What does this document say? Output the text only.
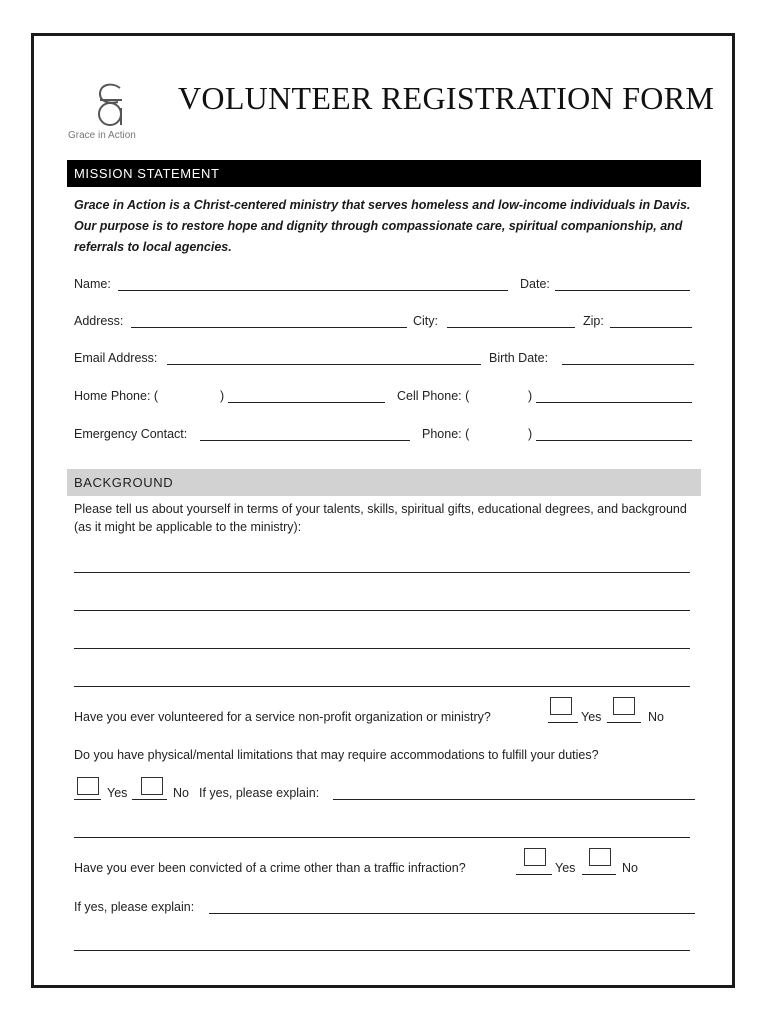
Grace in Action
VOLUNTEER REGISTRATION FORM
MISSION STATEMENT
Grace in Action is a Christ-centered ministry that serves homeless and low-income individuals in Davis. Our purpose is to restore hope and dignity through compassionate care, spiritual companionship, and referrals to local agencies.
Name:	Date:
Address:	City:	Zip:
Email Address:	Birth Date:
Home Phone: (	)	Cell Phone: (	)
Emergency Contact:	Phone: (	)
BACKGROUND
Please tell us about yourself in terms of your talents, skills, spiritual gifts, educational degrees, and background (as it might be applicable to the ministry):
Have you ever volunteered for a service non-profit organization or ministry?	Yes	No
Do you have physical/mental limitations that may require accommodations to fulfill your duties?
Yes	No If yes, please explain:
Have you ever been convicted of a crime other than a traffic infraction?	Yes	No
If yes, please explain:
